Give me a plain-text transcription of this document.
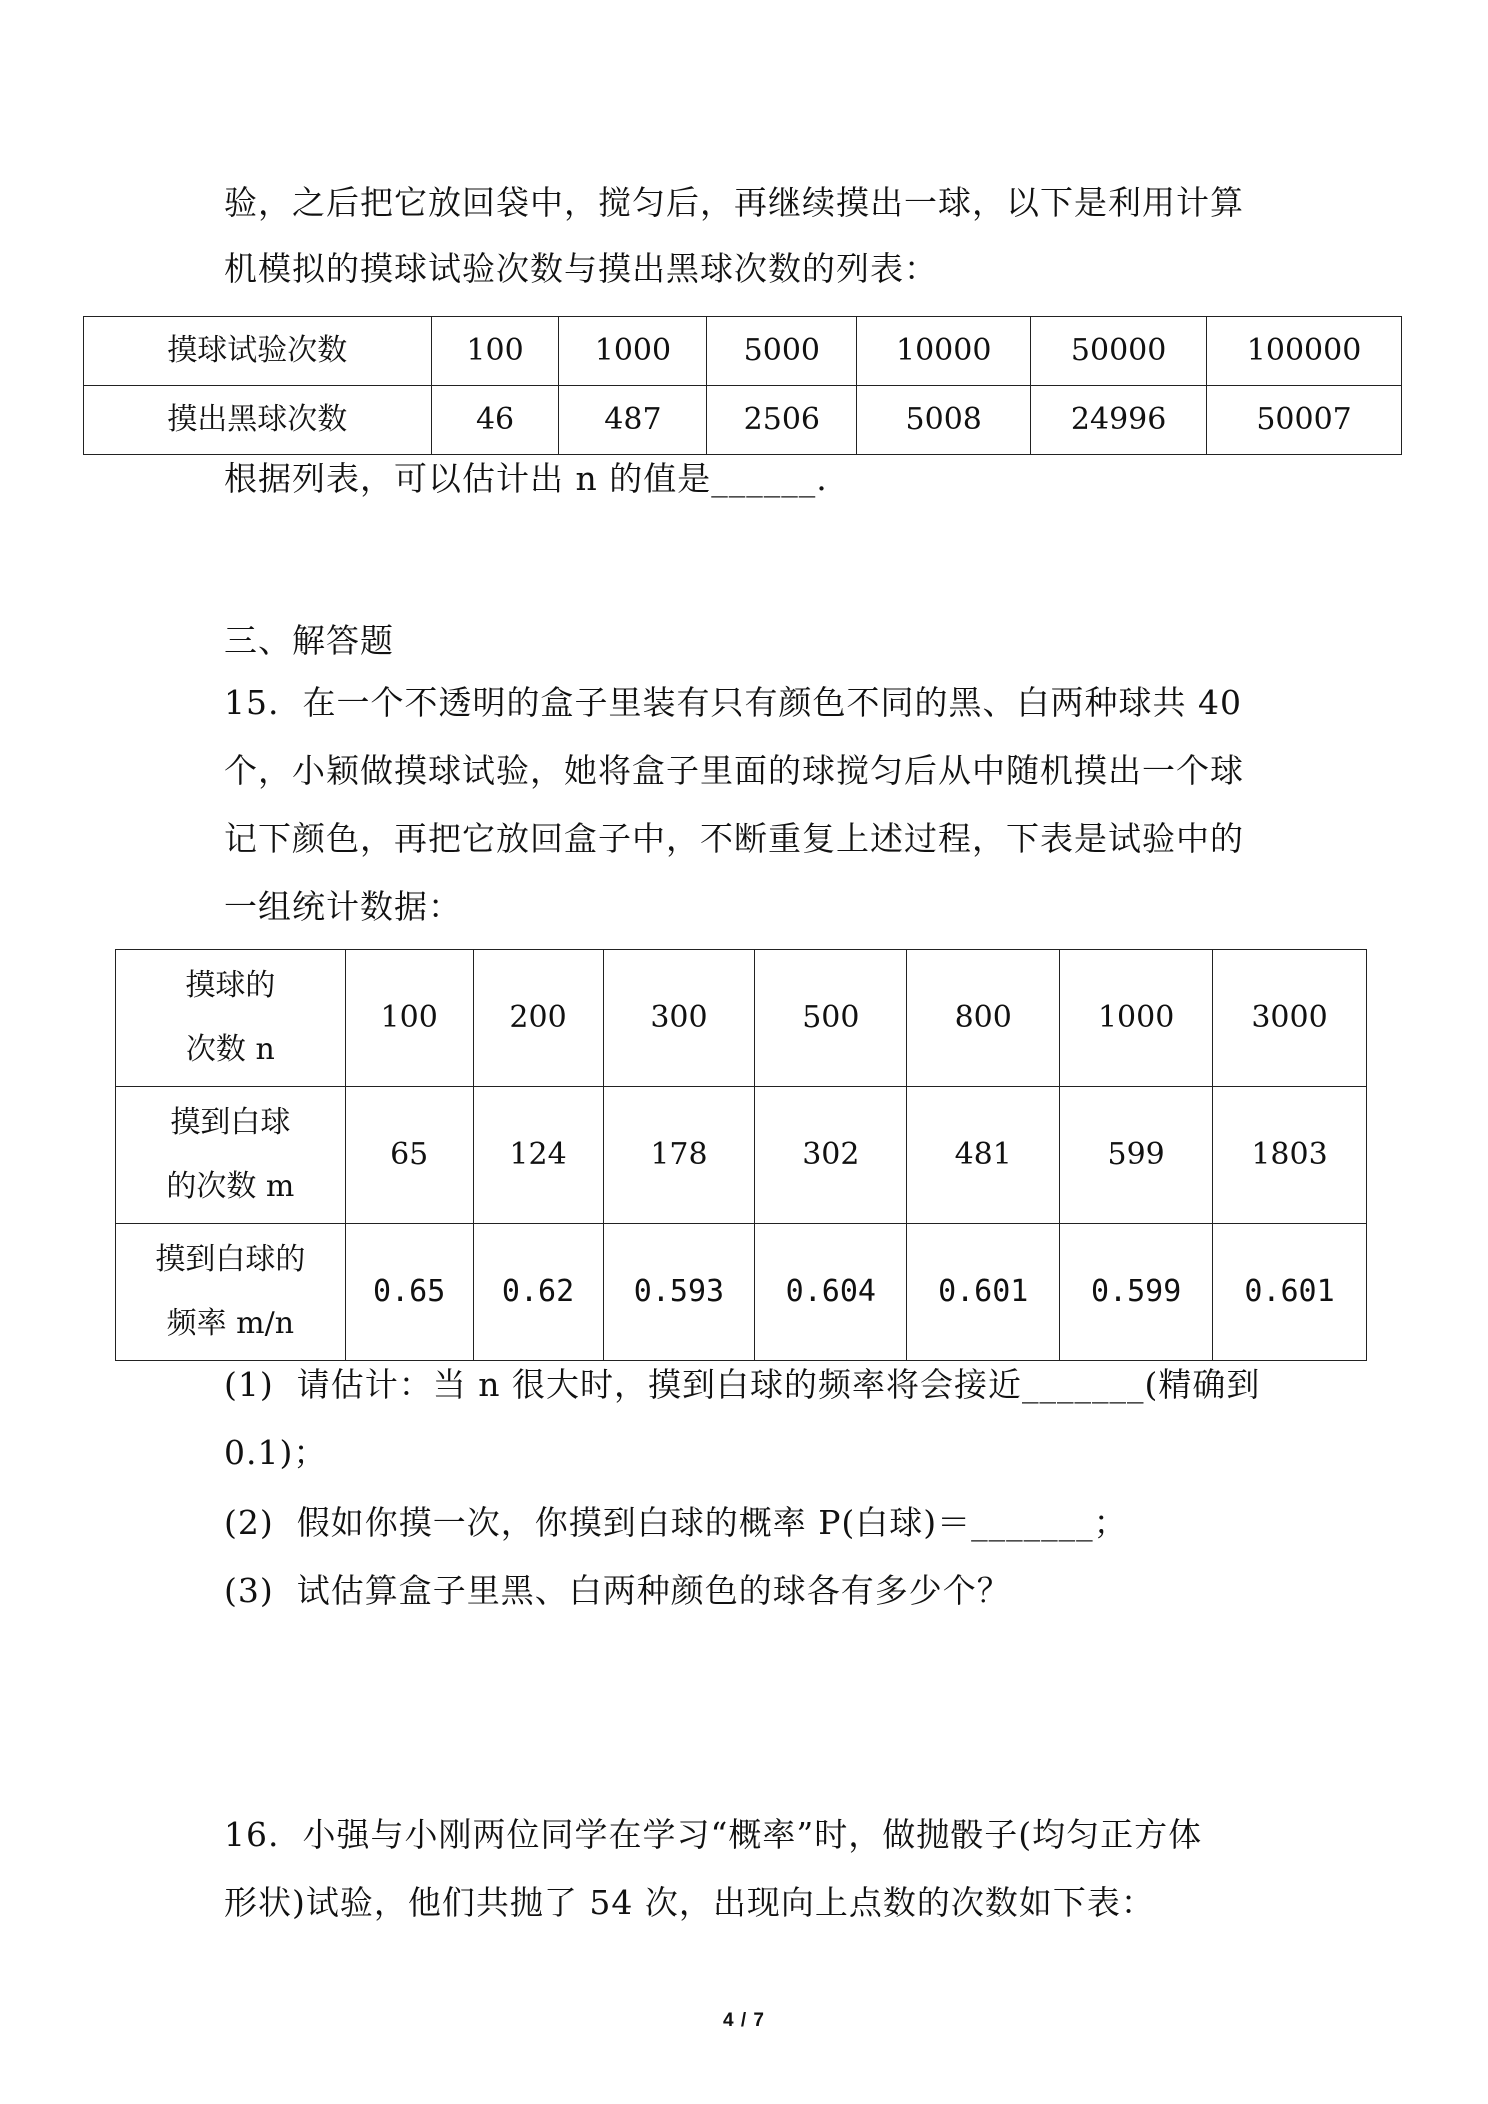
验，之后把它放回袋中，搅匀后，再继续摸出一球，以下是利用计算

机模拟的摸球试验次数与摸出黑球次数的列表：

摸球试验次数	100	1000	5000	10000	50000	100000
摸出黑球次数	46	487	2506	5008	24996	50007

根据列表，可以估计出 n 的值是______.

三、解答题

15.  在一个不透明的盒子里装有只有颜色不同的黑、白两种球共 40

个，小颖做摸球试验，她将盒子里面的球搅匀后从中随机摸出一个球

记下颜色，再把它放回盒子中，不断重复上述过程，下表是试验中的

一组统计数据：

摸球的
次数 n	100	200	300	500	800	1000	3000

摸到白球
的次数 m	65	124	178	302	481	599	1803

摸到白球的
频率 m/n	0.65	0.62	0.593	0.604	0.601	0.599	0.601

(1)  请估计：当 n 很大时，摸到白球的频率将会接近_______(精确到

0.1)；

(2)  假如你摸一次，你摸到白球的概率 P(白球)＝_______；

(3)  试估算盒子里黑、白两种颜色的球各有多少个？

16.  小强与小刚两位同学在学习“概率”时，做抛骰子(均匀正方体

形状)试验，他们共抛了 54 次，出现向上点数的次数如下表：

4 / 7
